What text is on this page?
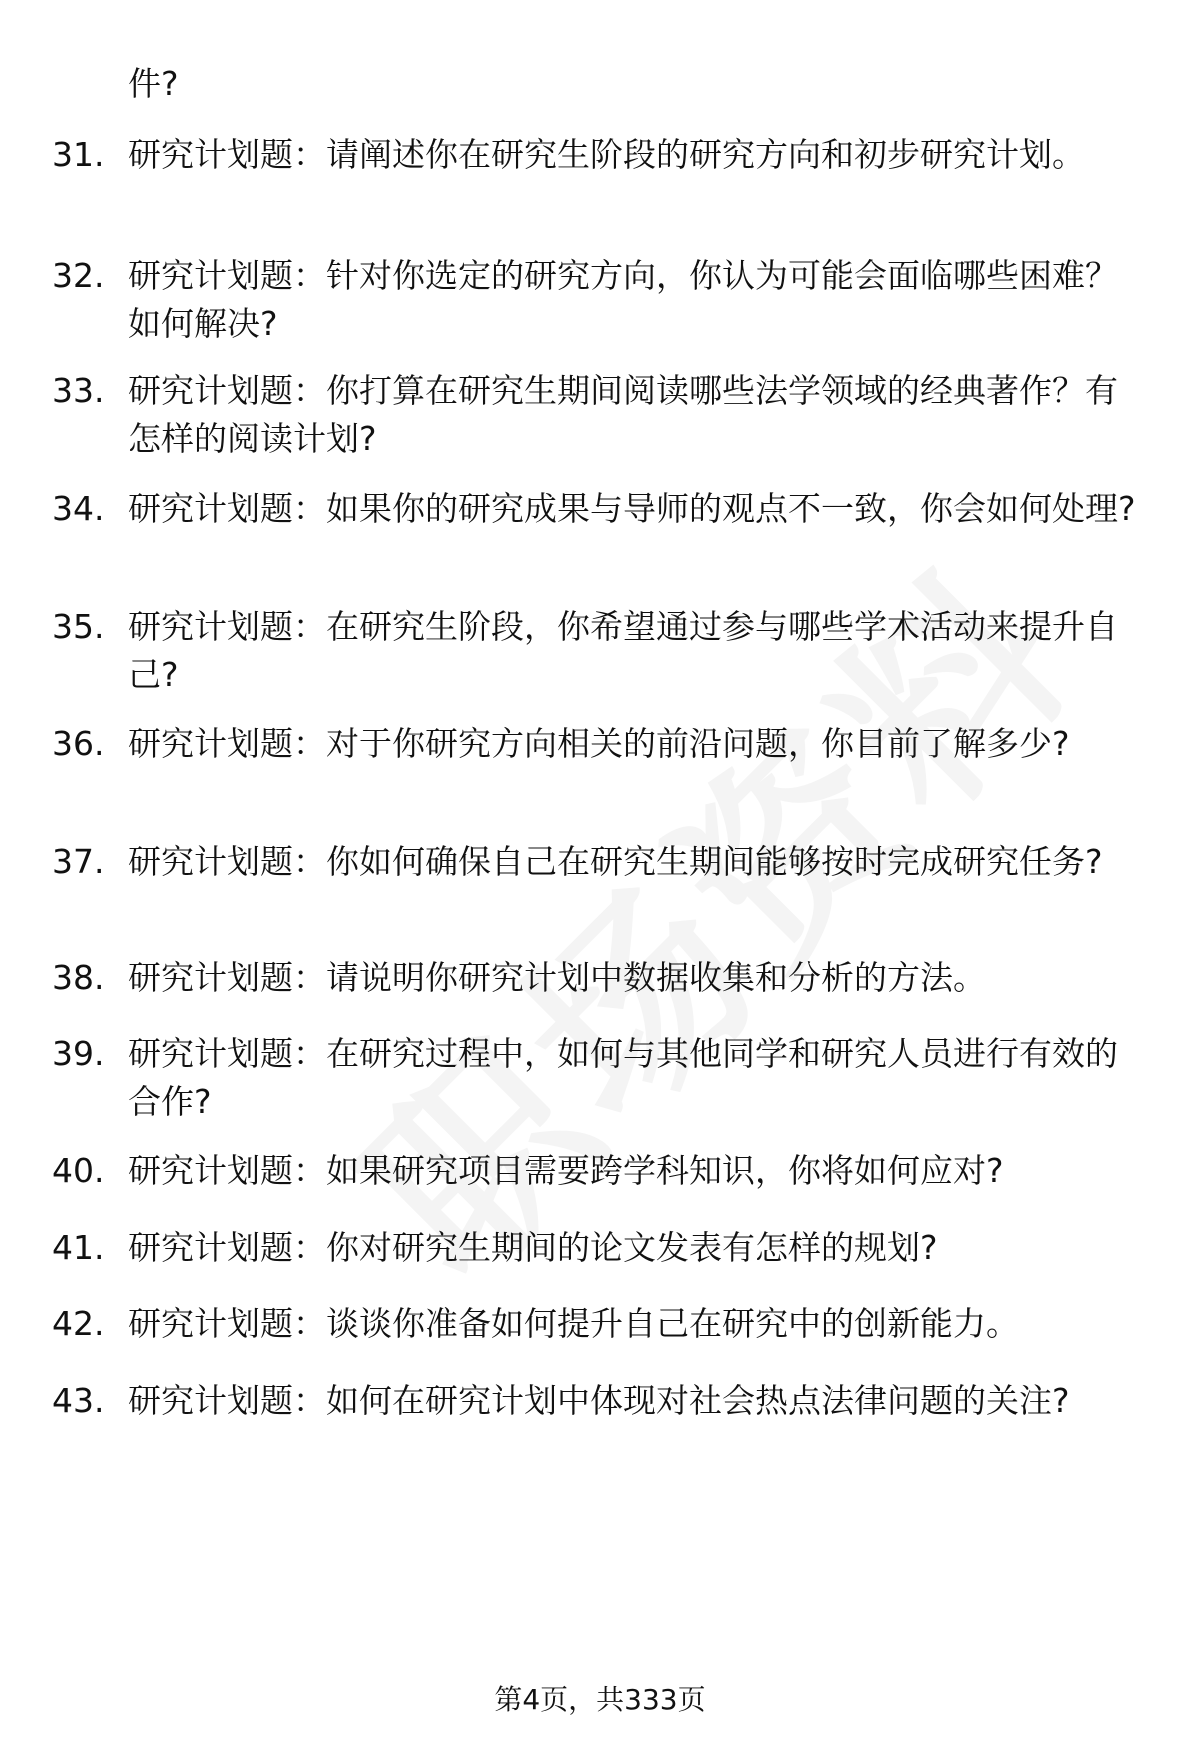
件?
31. 研究计划题：请阐述你在研究生阶段的研究方向和初步研究计划。
32. 研究计划题：针对你选定的研究方向，你认为可能会面临哪些困难？如何解决?
33. 研究计划题：你打算在研究生期间阅读哪些法学领域的经典著作？有怎样的阅读计划?
34. 研究计划题：如果你的研究成果与导师的观点不一致，你会如何处理?
35. 研究计划题：在研究生阶段，你希望通过参与哪些学术活动来提升自己?
36. 研究计划题：对于你研究方向相关的前沿问题，你目前了解多少?
37. 研究计划题：你如何确保自己在研究生期间能够按时完成研究任务?
38. 研究计划题：请说明你研究计划中数据收集和分析的方法。
39. 研究计划题：在研究过程中，如何与其他同学和研究人员进行有效的合作?
40. 研究计划题：如果研究项目需要跨学科知识，你将如何应对?
41. 研究计划题：你对研究生期间的论文发表有怎样的规划?
42. 研究计划题：谈谈你准备如何提升自己在研究中的创新能力。
43. 研究计划题：如何在研究计划中体现对社会热点法律问题的关注?
第4页，共333页
